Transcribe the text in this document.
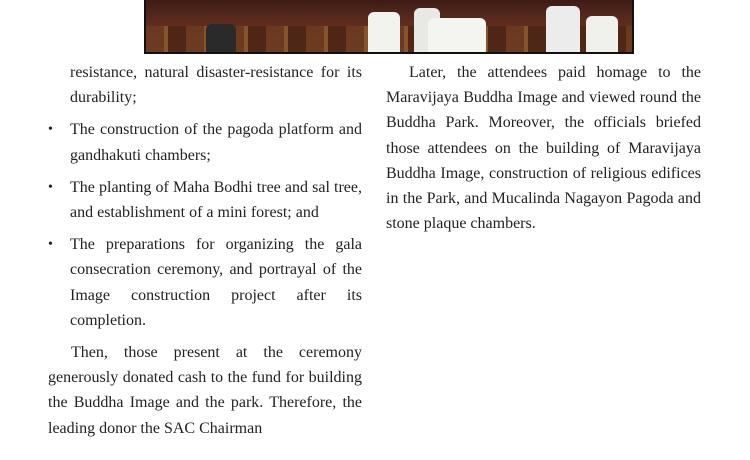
resistance, natural disaster-resistance for its durability;

• The construction of the pagoda platform and gandhakuti chambers;

• The planting of Maha Bodhi tree and sal tree, and establishment of a mini forest; and

• The preparations for organizing the gala consecration ceremony, and portrayal of the Image construction project after its completion.

Then, those present at the ceremony generously donated cash to the fund for building the Buddha Image and the park. Therefore, the leading donor the SAC Chairman

Later, the attendees paid homage to the Maravijaya Buddha Image and viewed round the Buddha Park. Moreover, the officials briefed those attendees on the building of Maravijaya Buddha Image, construction of religious edifices in the Park, and Mucalinda Nagayon Pagoda and stone plaque chambers.
